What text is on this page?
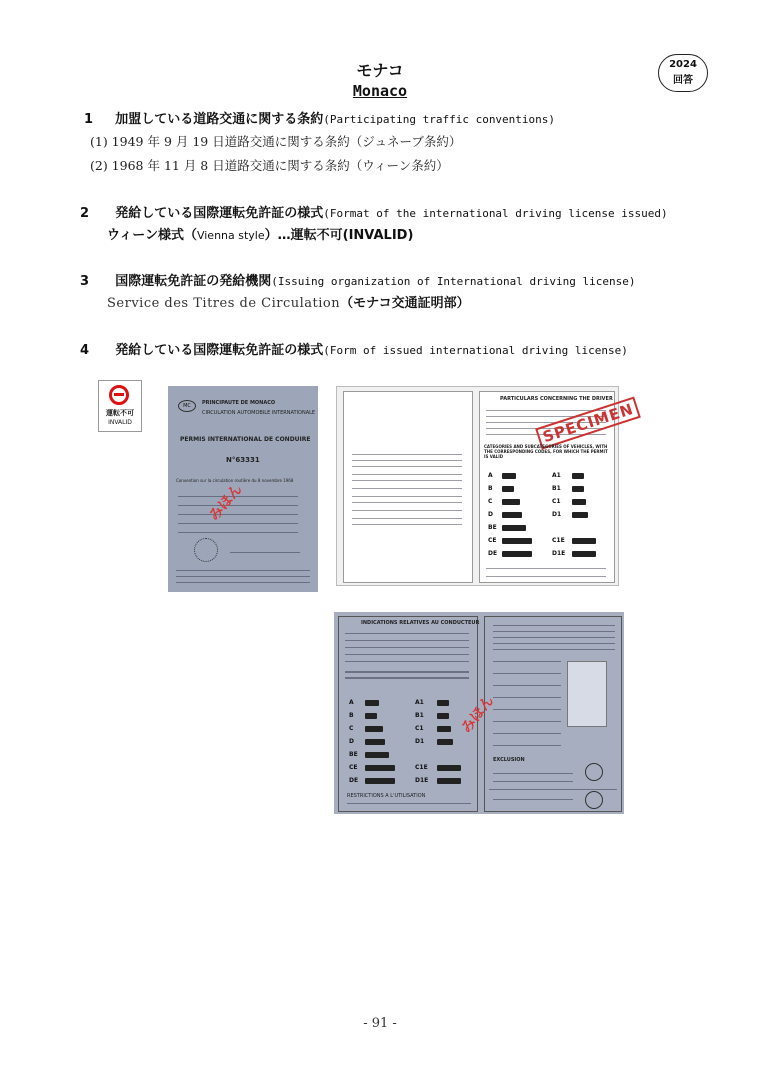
モナコ
Monaco
2024
回答
1 加盟している道路交通に関する条約(Participating traffic conventions)
(1) 1949 年 9 月 19 日道路交通に関する条約（ジュネーブ条約）
(2) 1968 年 11 月 8 日道路交通に関する条約（ウィーン条約）
2 発給している国際運転免許証の様式(Format of the international driving license issued)
ウィーン様式（Vienna style）…運転不可(INVALID)
3 国際運転免許証の発給機関(Issuing organization of International driving license)
Service des Titres de Circulation（モナコ交通証明部）
4 発給している国際運転免許証の様式(Form of issued international driving license)
運転不可
INVALID
MC	PRINCIPAUTE DE MONACO
CIRCULATION AUTOMOBILE INTERNATIONALE
PERMIS INTERNATIONAL DE CONDUIRE
N°63331
Convention sur la circulation routière du 8 novembre 1968
みほん
PARTICULARS CONCERNING THE DRIVER
SPECIMEN
CATEGORIES AND SUBCATEGORIES OF VEHICLES, WITH THE CORRESPONDING CODES, FOR WHICH THE PERMIT IS VALID
A
B
C
D
BE
CE
DE
A1
B1
C1
D1
C1E
D1E
INDICATIONS RELATIVES AU CONDUCTEUR
A
B
C
D
BE
CE
DE
A1
B1
C1
D1
C1E
D1E
RESTRICTIONS A L'UTILISATION
EXCLUSION
みほん
- 91 -
